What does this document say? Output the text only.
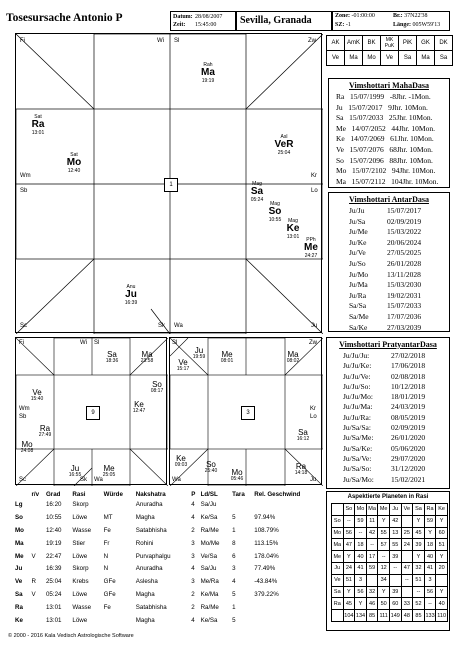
Tosesursache Antonio P	Datum: 28/08/2007
Zeit: 15:45:00 Sevilla, Granada	Zone: -01:00:00	Br.: 37N22'38
SZ: -1	Länge: 005W59'13
Fi	Wi Sl	Zw
Wm	Kr
Sb	Lo
Sc	Wa
Sk	Ju
1
Rah
Ma
19:19
Sat
Ra
13:01
Sat
Mo
12:40
Asl
VeR
25:04
Mag
Sa
05:24
Mag
So
10:55	Mag
Ke
13:01	PPh
Me
24:27
Anu
Ju
16:39
AK	AmK	BK	MK PuK	PiK	GK	DK
Ve	Ma	Mo	Ve	Sa	Ma	Sa
Vimshottari MahaDasa
Ra   15/07/1999   -8Jhr. -1Mon.
Ju   15/07/2017   9Jhr. 10Mon.
Sa   15/07/2033   25Jhr. 10Mon.
Me   14/07/2052   44Jhr. 10Mon.
Ke   14/07/2069   61Jhr. 10Mon.
Ve   15/07/2076   68Jhr. 10Mon.
So   15/07/2096   88Jhr. 10Mon.
Mo   15/07/2102   94Jhr. 10Mon.
Ma   15/07/2112   104Jhr. 10Mon.
Vimshottari AntarDasa
Ju/Ju	15/07/2017
Ju/Sa	02/09/2019
Ju/Me	15/03/2022
Ju/Ke	20/06/2024
Ju/Ve	27/05/2025
Ju/So	26/01/2028
Ju/Mo	13/11/2028
Ju/Ma	15/03/2030
Ju/Ra	19/02/2031
Sa/Sa	15/07/2033
Sa/Me 17/07/2036
Sa/Ke	27/03/2039
Fi	Wi Sl
Wm
Sb
Sc	Sk Wa
9
Sa
18:36
Ma
23:58
So
08:17
Ke
12:47
Ve
15:40
Ra
27:49
Mo
24:08
Ju
16:55
Me
25:05
Zw
Kr
Lo
Sl
Wa	Ju
3
Ju
19:59
Ve
15:17
Me
08:01
Ma
08:02
Sa
16:12
Ra
14:18
Ke
09:03	So
25:40	Mo
05:46
Vimshottari PratyantarDasa
Ju/Ju/Ju:	27/02/2018
Ju/Ju/Ke:	17/06/2018
Ju/Ju/Ve:	02/08/2018
Ju/Ju/So:	10/12/2018
Ju/Ju/Mo: 18/01/2019
Ju/Ju/Ma: 24/03/2019
Ju/Ju/Ra:	08/05/2019
Ju/Sa/Sa:	02/09/2019
Ju/Sa/Me: 26/01/2020
Ju/Sa/Ke:	05/06/2020
Ju/Sa/Ve:	29/07/2020
Ju/Sa/So:	31/12/2020
Ju/Sa/Mo: 15/02/2021
	r/v	Grad	Rasi	Würde	Nakshatra	P	Ld/SL	Tara	Rel. Geschwind
Lg		16:20	Skorp		Anuradha	4	Sa/Ju		
So		10:55	Löwe	MT	Magha	4	Ke/Sa	5	97.94%
Mo		12:40	Wasse	Fe	Satabhisha	2	Ra/Me	1	108.79%
Ma		19:19	Stier	Fr	Rohini	3	Mo/Me	8	113.15%
Me	V	22:47	Löwe	N	Purvaphalgu	3	Ve/Sa	6	178.04%
Ju		16:39	Skorp	N	Anuradha	4	Sa/Ju	3	77.49%
Ve	R	25:04	Krebs	GFe	Aslesha	3	Me/Ra	4	-43.84%
Sa	V	05:24	Löwe	GFe	Magha	2	Ke/Ma	5	379.22%
Ra		13:01	Wasse	Fe	Satabhisha	2	Ra/Me	1	
Ke		13:01	Löwe		Magha	4	Ke/Sa	5	
Aspektierte Planeten in Rasi
	So	Mo	Ma	Me	Ju	Ve	Sa	Ra	Ke
So	--	59	11	Y	42		Y	59	Y
Mo	56	--	42	55	13	25	45	Y	60
Ma	47	18	--	57	55	24	39	18	51
Me	Y	40	17	--	39		Y	40	Y
Ju	24	41	59	12	--	47	32	41	20
Ve	51	3		34		--	51	3	
Sa	Y	56	32	Y	39		--	56	Y
Ra	45	Y	46	50	60	33	52	--	40
	104	134	85	111	149	48	85	133	110
© 2000 - 2016 Kala Vedisch Astrologische Software
